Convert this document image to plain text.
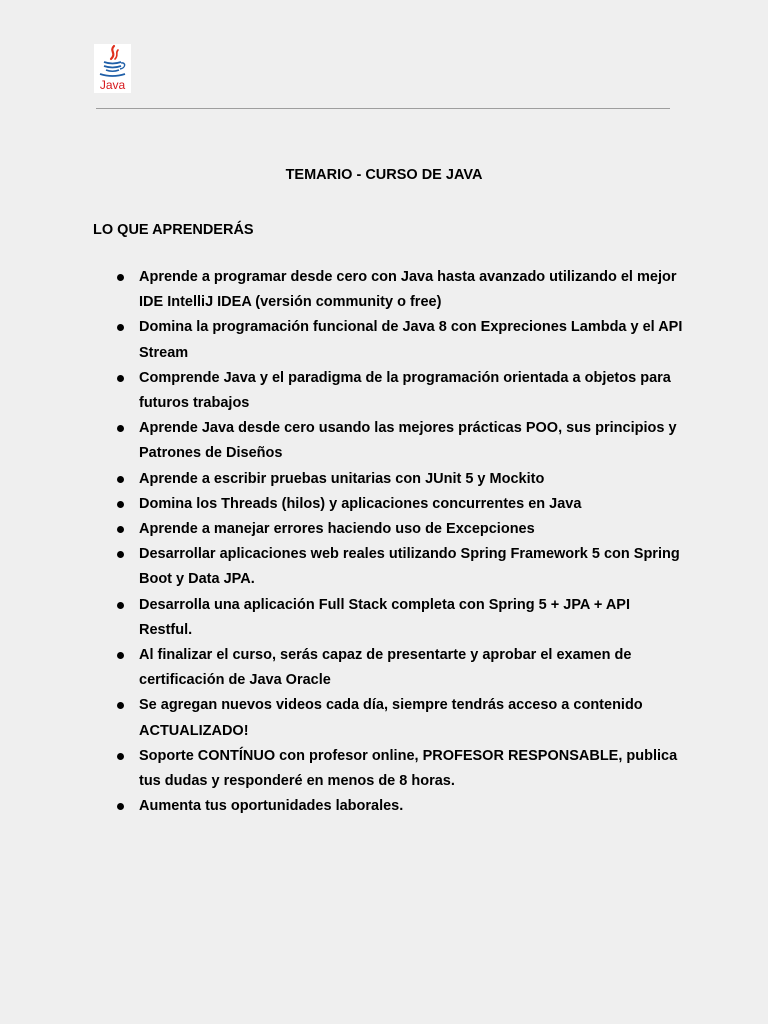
Java
TEMARIO - CURSO DE JAVA
LO QUE APRENDERÁS
Aprende a programar desde cero con Java hasta avanzado utilizando el mejor IDE IntelliJ IDEA (versión community o free)
Domina la programación funcional de Java 8 con Expreciones Lambda y el API Stream
Comprende Java y el paradigma de la programación orientada a objetos para futuros trabajos
Aprende Java desde cero usando las mejores prácticas POO, sus principios y Patrones de Diseños
Aprende a escribir pruebas unitarias con JUnit 5 y Mockito
Domina los Threads (hilos) y aplicaciones concurrentes en Java
Aprende a manejar errores haciendo uso de Excepciones
Desarrollar aplicaciones web reales utilizando Spring Framework 5 con Spring Boot y Data JPA.
Desarrolla una aplicación Full Stack completa con Spring 5 + JPA + API Restful.
Al finalizar el curso, serás capaz de presentarte y aprobar el examen de certificación de Java Oracle
Se agregan nuevos videos cada día, siempre tendrás acceso a contenido ACTUALIZADO!
Soporte CONTÍNUO con profesor online, PROFESOR RESPONSABLE, publica tus dudas y responderé en menos de 8 horas.
Aumenta tus oportunidades laborales.
